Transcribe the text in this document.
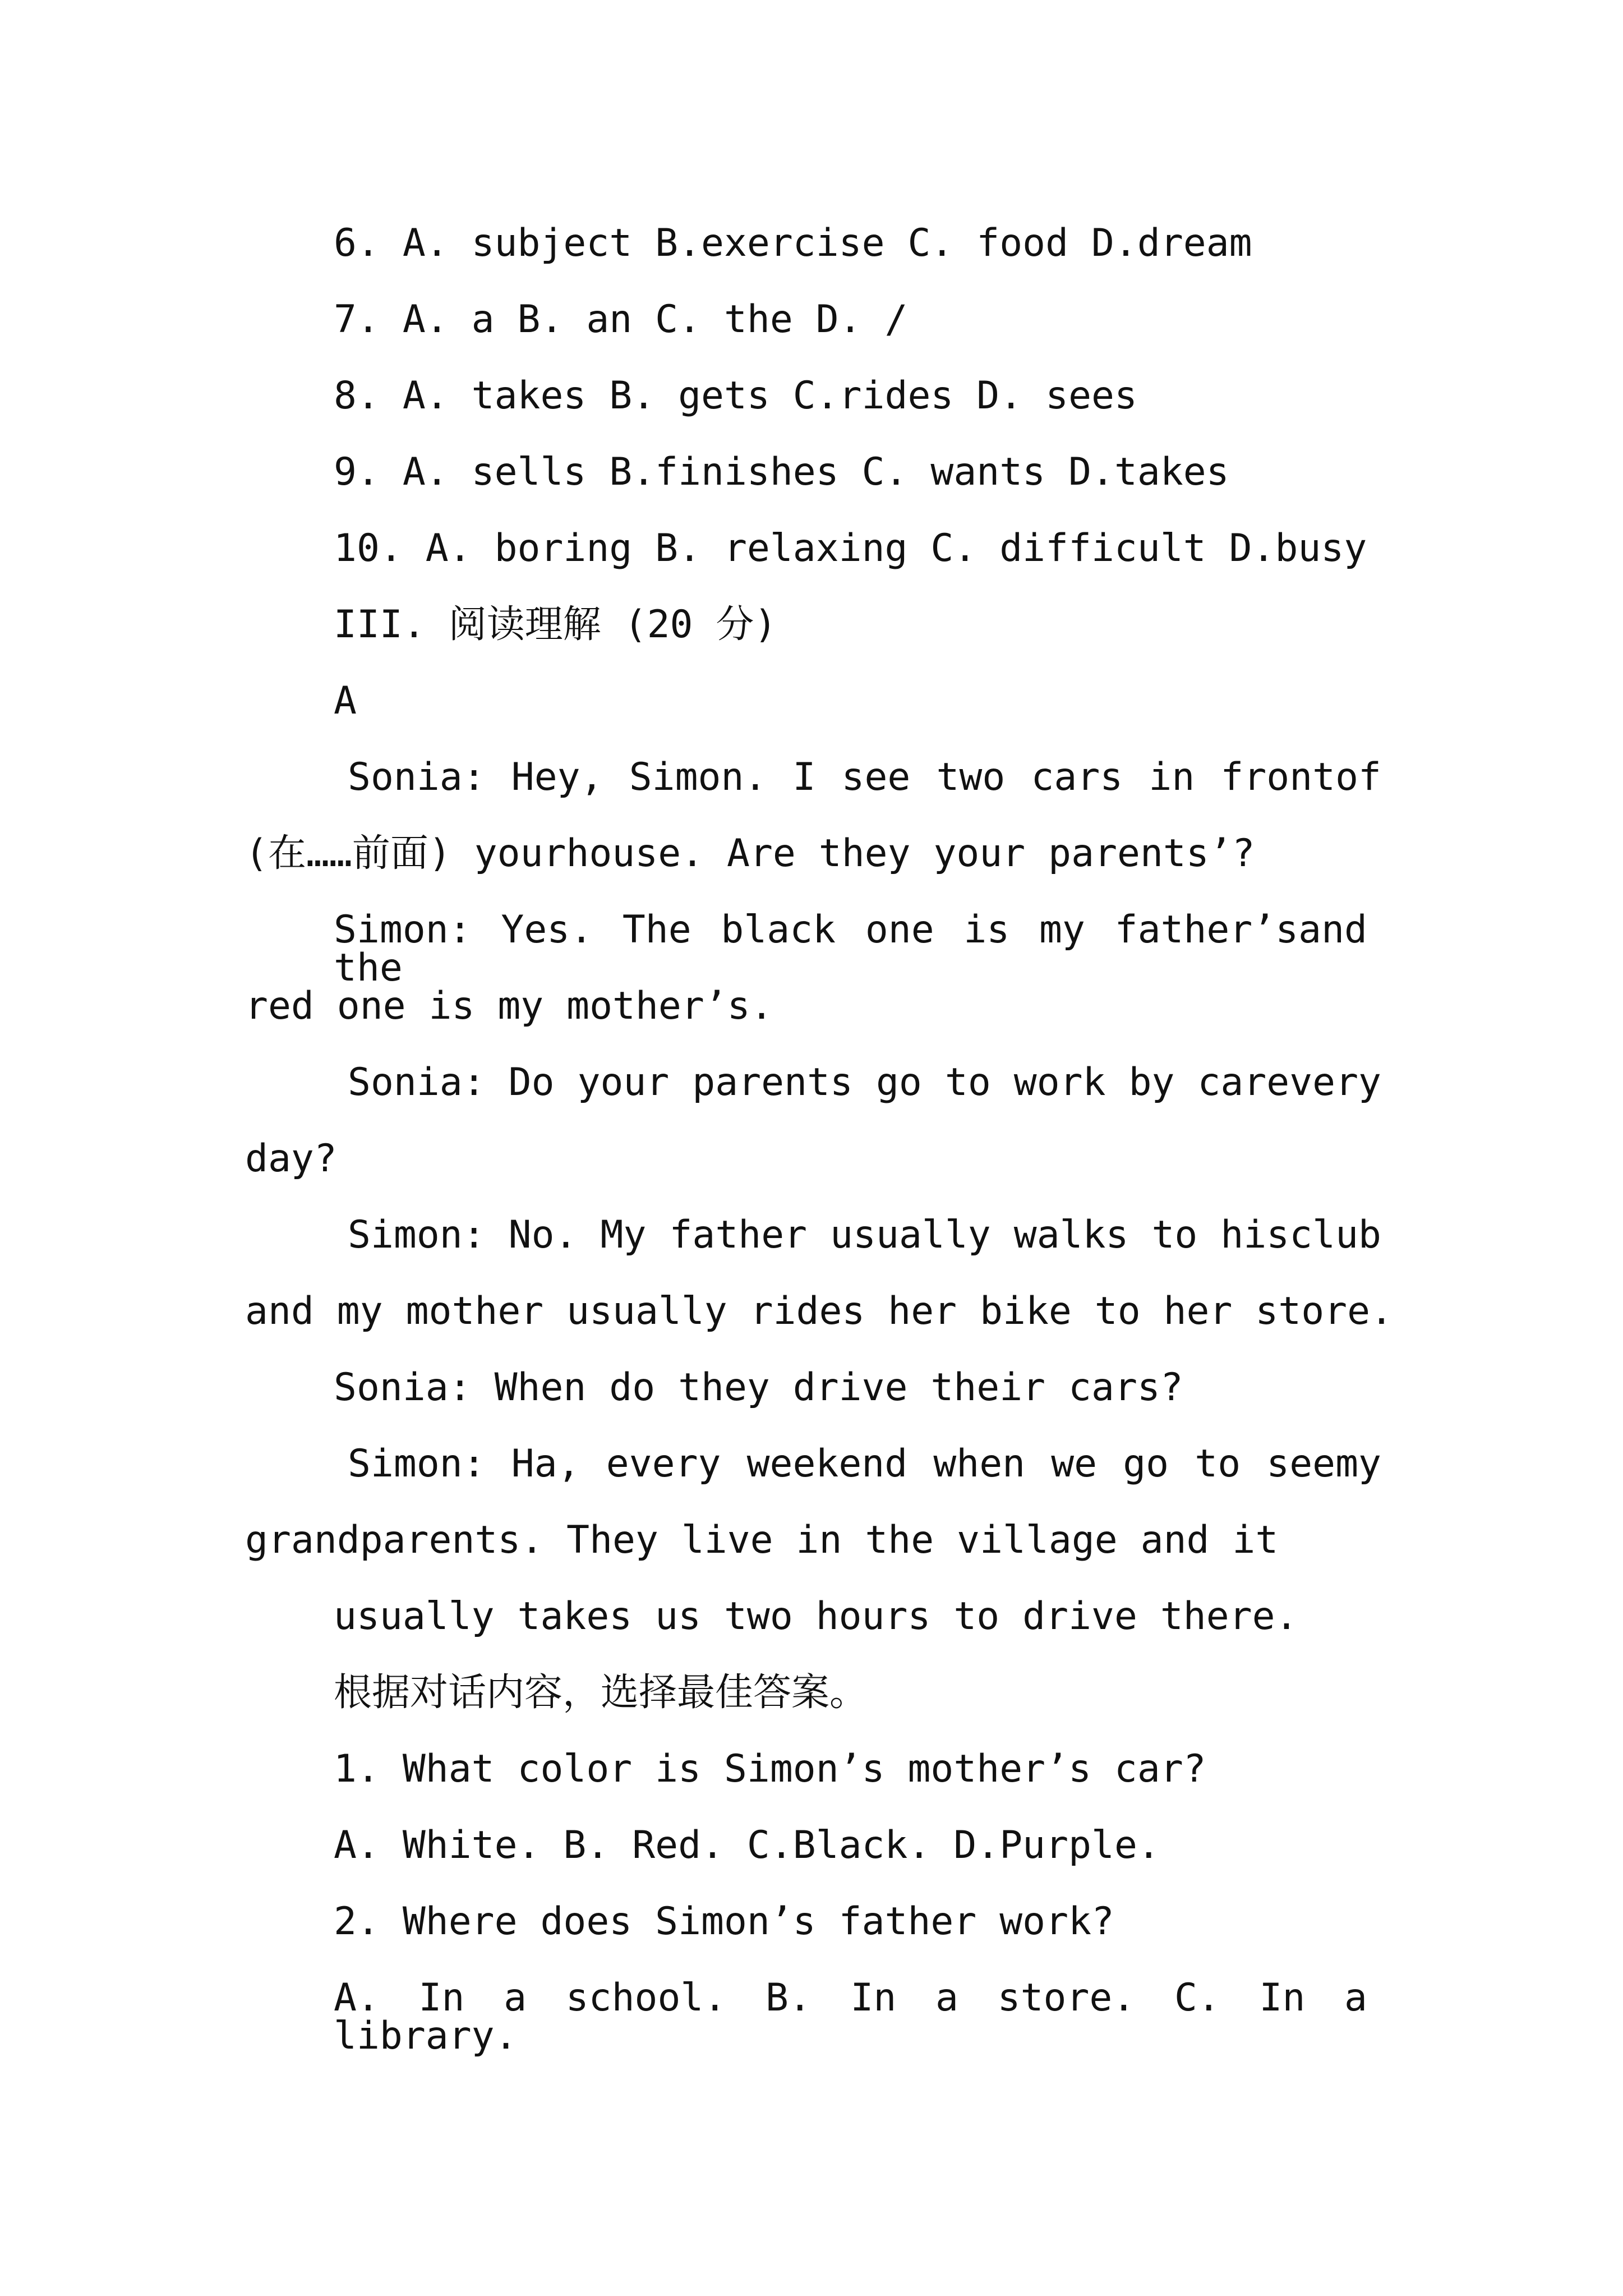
6. A. subject B.exercise C. food D.dream

7. A. a B. an C. the D. /

8. A. takes B. gets C.rides D. sees

9. A. sells B.finishes C. wants D.takes

10. A. boring B. relaxing C. difficult D.busy

III. 阅读理解 (20 分)

A

Sonia: Hey, Simon. I see two cars in frontof

(在……前面) yourhouse. Are they your parents’?

Simon: Yes. The black one is my father’sand the

red one is my mother’s.

Sonia: Do your parents go to work by carevery

day?

Simon: No. My father usually walks to hisclub

and my mother usually rides her bike to her store.

Sonia: When do they drive their cars?

Simon: Ha, every weekend when we go to seemy

grandparents. They live in the village and it

usually takes us two hours to drive there.

根据对话内容，选择最佳答案。

1. What color is Simon’s mother’s car?

A. White. B. Red. C.Black. D.Purple.

2. Where does Simon’s father work?

A. In a school. B. In a store. C. In a library.
